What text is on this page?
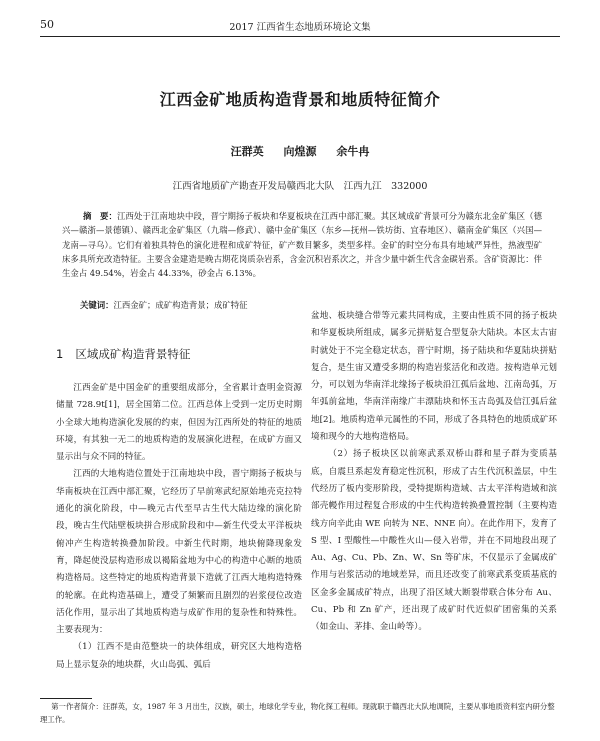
50	2017 江西省生态地质环境论文集
江西金矿地质构造背景和地质特征简介
汪群英 向煌源 余牛冉
江西省地质矿产勘查开发局赣西北大队　江西九江　332000
摘　要：江西处于江南地块中段，晋宁期扬子板块和华夏板块在江西中部汇聚。其区域成矿背景可分为赣东北金矿集区（德兴—赣浙—景德镇）、赣西北金矿集区（九瑞—修武）、赣中金矿集区（东乡—抚州—铁坊街、宜春地区）、赣南金矿集区（兴国—龙南—寻乌）。它们有着独具特色的演化进程和成矿特征，矿产数目繁多，类型多样。金矿的时空分布具有地域严异性，热液型矿床多具所充改造特征。主要含金建造是晚古期花岗质杂岩系，含金沉积岩系次之，并含少量中新生代含金碳岩系。含矿资源比：伴生金占 49.54%，岩金占 44.33%，砂金占 6.13%。
关键词：江西金矿；成矿构造背景；成矿特征
1 区域成矿构造背景特征

江西金矿是中国金矿的重要组成部分，全省累计查明金资源储量 728.9t[1]，居全国第二位。江西总体上受到一定历史时期小全球大地构造演化发展的约束，但因为江西所处的特征的地质环境，有其独一无二的地质构造的发展演化进程，在成矿方面又显示出与众不同的特征。

江西的大地构造位置处于江南地块中段，晋宁期扬子板块与华南板块在江西中部汇聚，它经历了早前寒武纪原始地壳克拉特通化的演化阶段，中—晚元古代至早古生代大陆边缘的演化阶段，晚古生代陆壁板块拼合形成阶段和中—新生代受太平洋板块俯冲产生构造转换叠加阶段。中新生代时期，地块俯降现象发育，降起使没层构造形成以褐陷盆地为中心的构造中心断的地质构造格局。这些特定的地质构造背景下造就了江西大地构造特殊的轮廓。在此构造基础上，遭受了频繁而且剧烈的岩浆侵位改造活化作用，显示出了其地质构造与成矿作用的复杂性和特殊性。主要表现为：

（1）江西不是由范整块一的块体组成，研究区大地构造格局上显示复杂的地块群，火山岛弧、弧后

盆地、板块缝合带等元素共同构成，主要由性质不同的扬子板块和华夏板块所组成，属多元拼贴复合型复杂大陆块。本区太古宙时就处于不完全稳定状态，晋宁时期，扬子陆块和华夏陆块拼贴复合，是生宙又遭受多期的构造岩浆活化和改造。按构造单元划分，可以划为华南洋北缘扬子板块沿江孤后盆地、江南岛弧，万年弧前盆地，华南洋南缘广丰漂陆块和怀玉古岛弧及信江弧后盆地[2]。地质构造单元属性的不同，形成了各具特色的地质成矿环境和现今的大地构造格局。

（2）扬子板块区以前寒武系双桥山群和星子群为变质基底，自震旦系起发育稳定性沉积，形成了古生代沉积盖层，中生代经历了板内变形阶段，受特提斯构造域、古太平洋构造域和滨部壳幔作用过程复合形成的中生代构造转换叠置控制（主要构造线方向辛此由 WE 向转为 NE、NNE 向）。在此作用下，发育了 S 型、I 型酸性—中酸性火山—侵入岩带，并在不同地段出现了 Au、Ag、Cu、Pb、Zn、W、Sn 等矿床，不仅显示了金属成矿作用与岩浆活动的地域差异，而且还改变了前寒武系变质基底的区金多金属成矿特点，出现了沿区域大断裂带联合体分布 Au、Cu、Pb 和 Zn 矿产，还出现了成矿时代近似矿团密集的关系（如金山、茅排、金山岭等）。

第一作者简介：汪群英，女，1987 年 3 月出生，汉族，硕士，地球化学专业，物化探工程师。现就职于赣西北大队地调院，主要从事地质资料室内研分整理工作。
